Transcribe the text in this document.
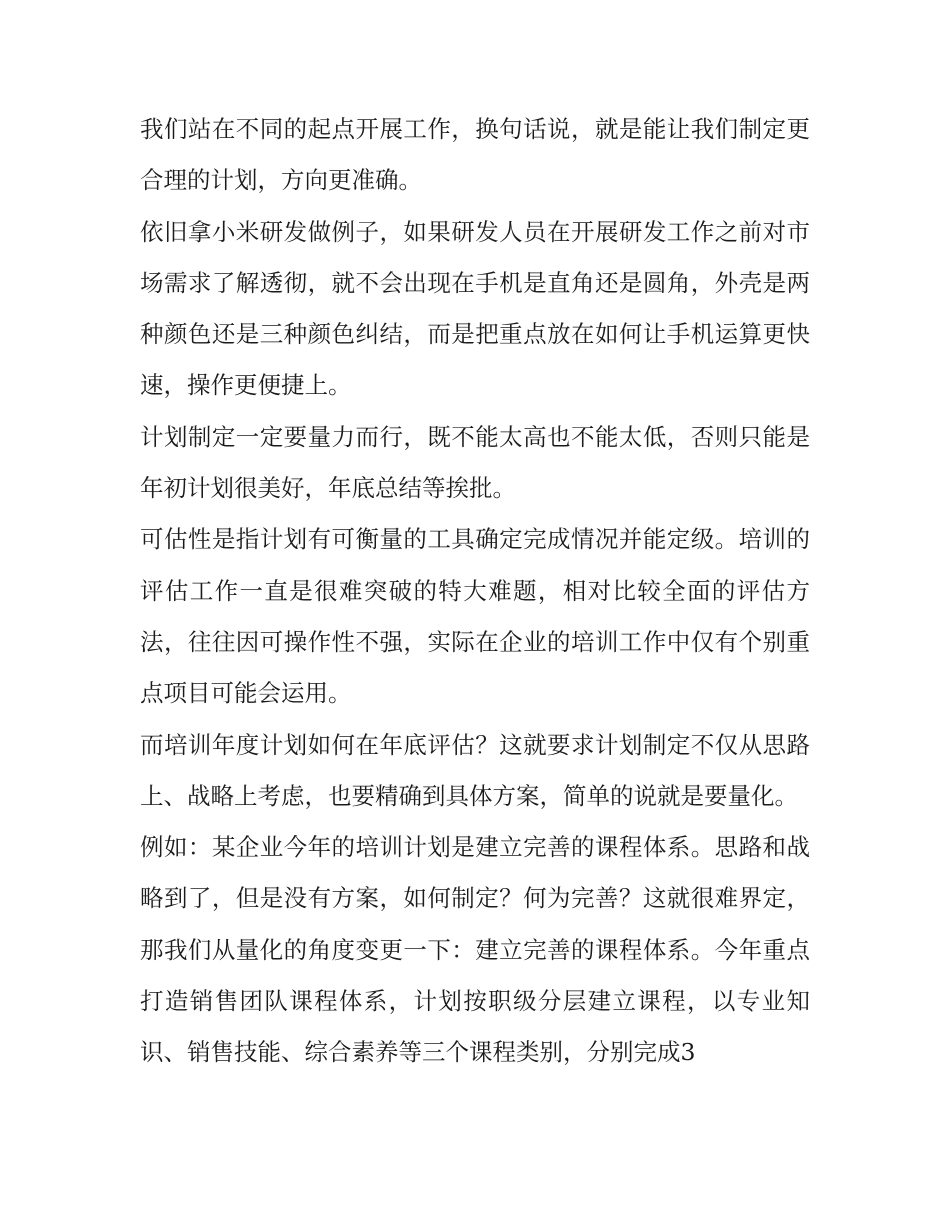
我们站在不同的起点开展工作，换句话说，就是能让我们制定更合理的计划，方向更准确。

依旧拿小米研发做例子，如果研发人员在开展研发工作之前对市场需求了解透彻，就不会出现在手机是直角还是圆角，外壳是两种颜色还是三种颜色纠结，而是把重点放在如何让手机运算更快速，操作更便捷上。

计划制定一定要量力而行，既不能太高也不能太低，否则只能是年初计划很美好，年底总结等挨批。

可估性是指计划有可衡量的工具确定完成情况并能定级。培训的评估工作一直是很难突破的特大难题，相对比较全面的评估方法，往往因可操作性不强，实际在企业的培训工作中仅有个别重点项目可能会运用。

而培训年度计划如何在年底评估？这就要求计划制定不仅从思路上、战略上考虑，也要精确到具体方案，简单的说就是要量化。

例如：某企业今年的培训计划是建立完善的课程体系。思路和战略到了，但是没有方案，如何制定？何为完善？这就很难界定，那我们从量化的角度变更一下：建立完善的课程体系。今年重点打造销售团队课程体系，计划按职级分层建立课程，以专业知识、销售技能、综合素养等三个课程类别，分别完成3
